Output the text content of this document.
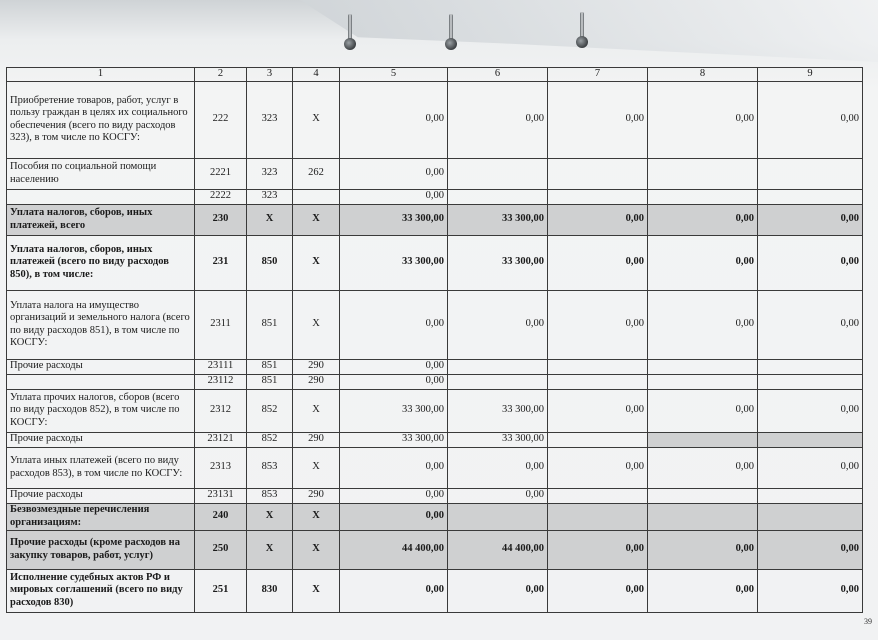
1	2	3	4	5	6	7	8	9
Приобретение товаров, работ, услуг в пользу граждан в целях их социального обеспечения (всего по виду расходов 323), в том числе по КОСГУ:	222	323	Х	0,00	0,00	0,00	0,00	0,00
Пособия по социальной помощи населению	2221	323	262	0,00				
	2222	323		0,00				
Уплата налогов, сборов, иных платежей, всего	230	Х	Х	33 300,00	33 300,00	0,00	0,00	0,00
Уплата налогов, сборов, иных платежей (всего по виду расходов 850), в том числе:	231	850	Х	33 300,00	33 300,00	0,00	0,00	0,00
Уплата налога на имущество организаций и земельного налога (всего по виду расходов 851), в том числе по КОСГУ:	2311	851	Х	0,00	0,00	0,00	0,00	0,00
Прочие расходы	23111	851	290	0,00				
	23112	851	290	0,00				
Уплата прочих налогов, сборов (всего по виду расходов 852), в том числе по КОСГУ:	2312	852	Х	33 300,00	33 300,00	0,00	0,00	0,00
Прочие расходы	23121	852	290	33 300,00	33 300,00			
Уплата иных платежей (всего по виду расходов 853), в том числе по КОСГУ:	2313	853	Х	0,00	0,00	0,00	0,00	0,00
Прочие расходы	23131	853	290	0,00	0,00			
Безвозмездные перечисления организациям:	240	Х	Х	0,00				
Прочие расходы (кроме расходов на закупку товаров, работ, услуг)	250	Х	Х	44 400,00	44 400,00	0,00	0,00	0,00
Исполнение судебных актов РФ и мировых соглашений (всего по виду расходов 830)	251	830	Х	0,00	0,00	0,00	0,00	0,00
39
